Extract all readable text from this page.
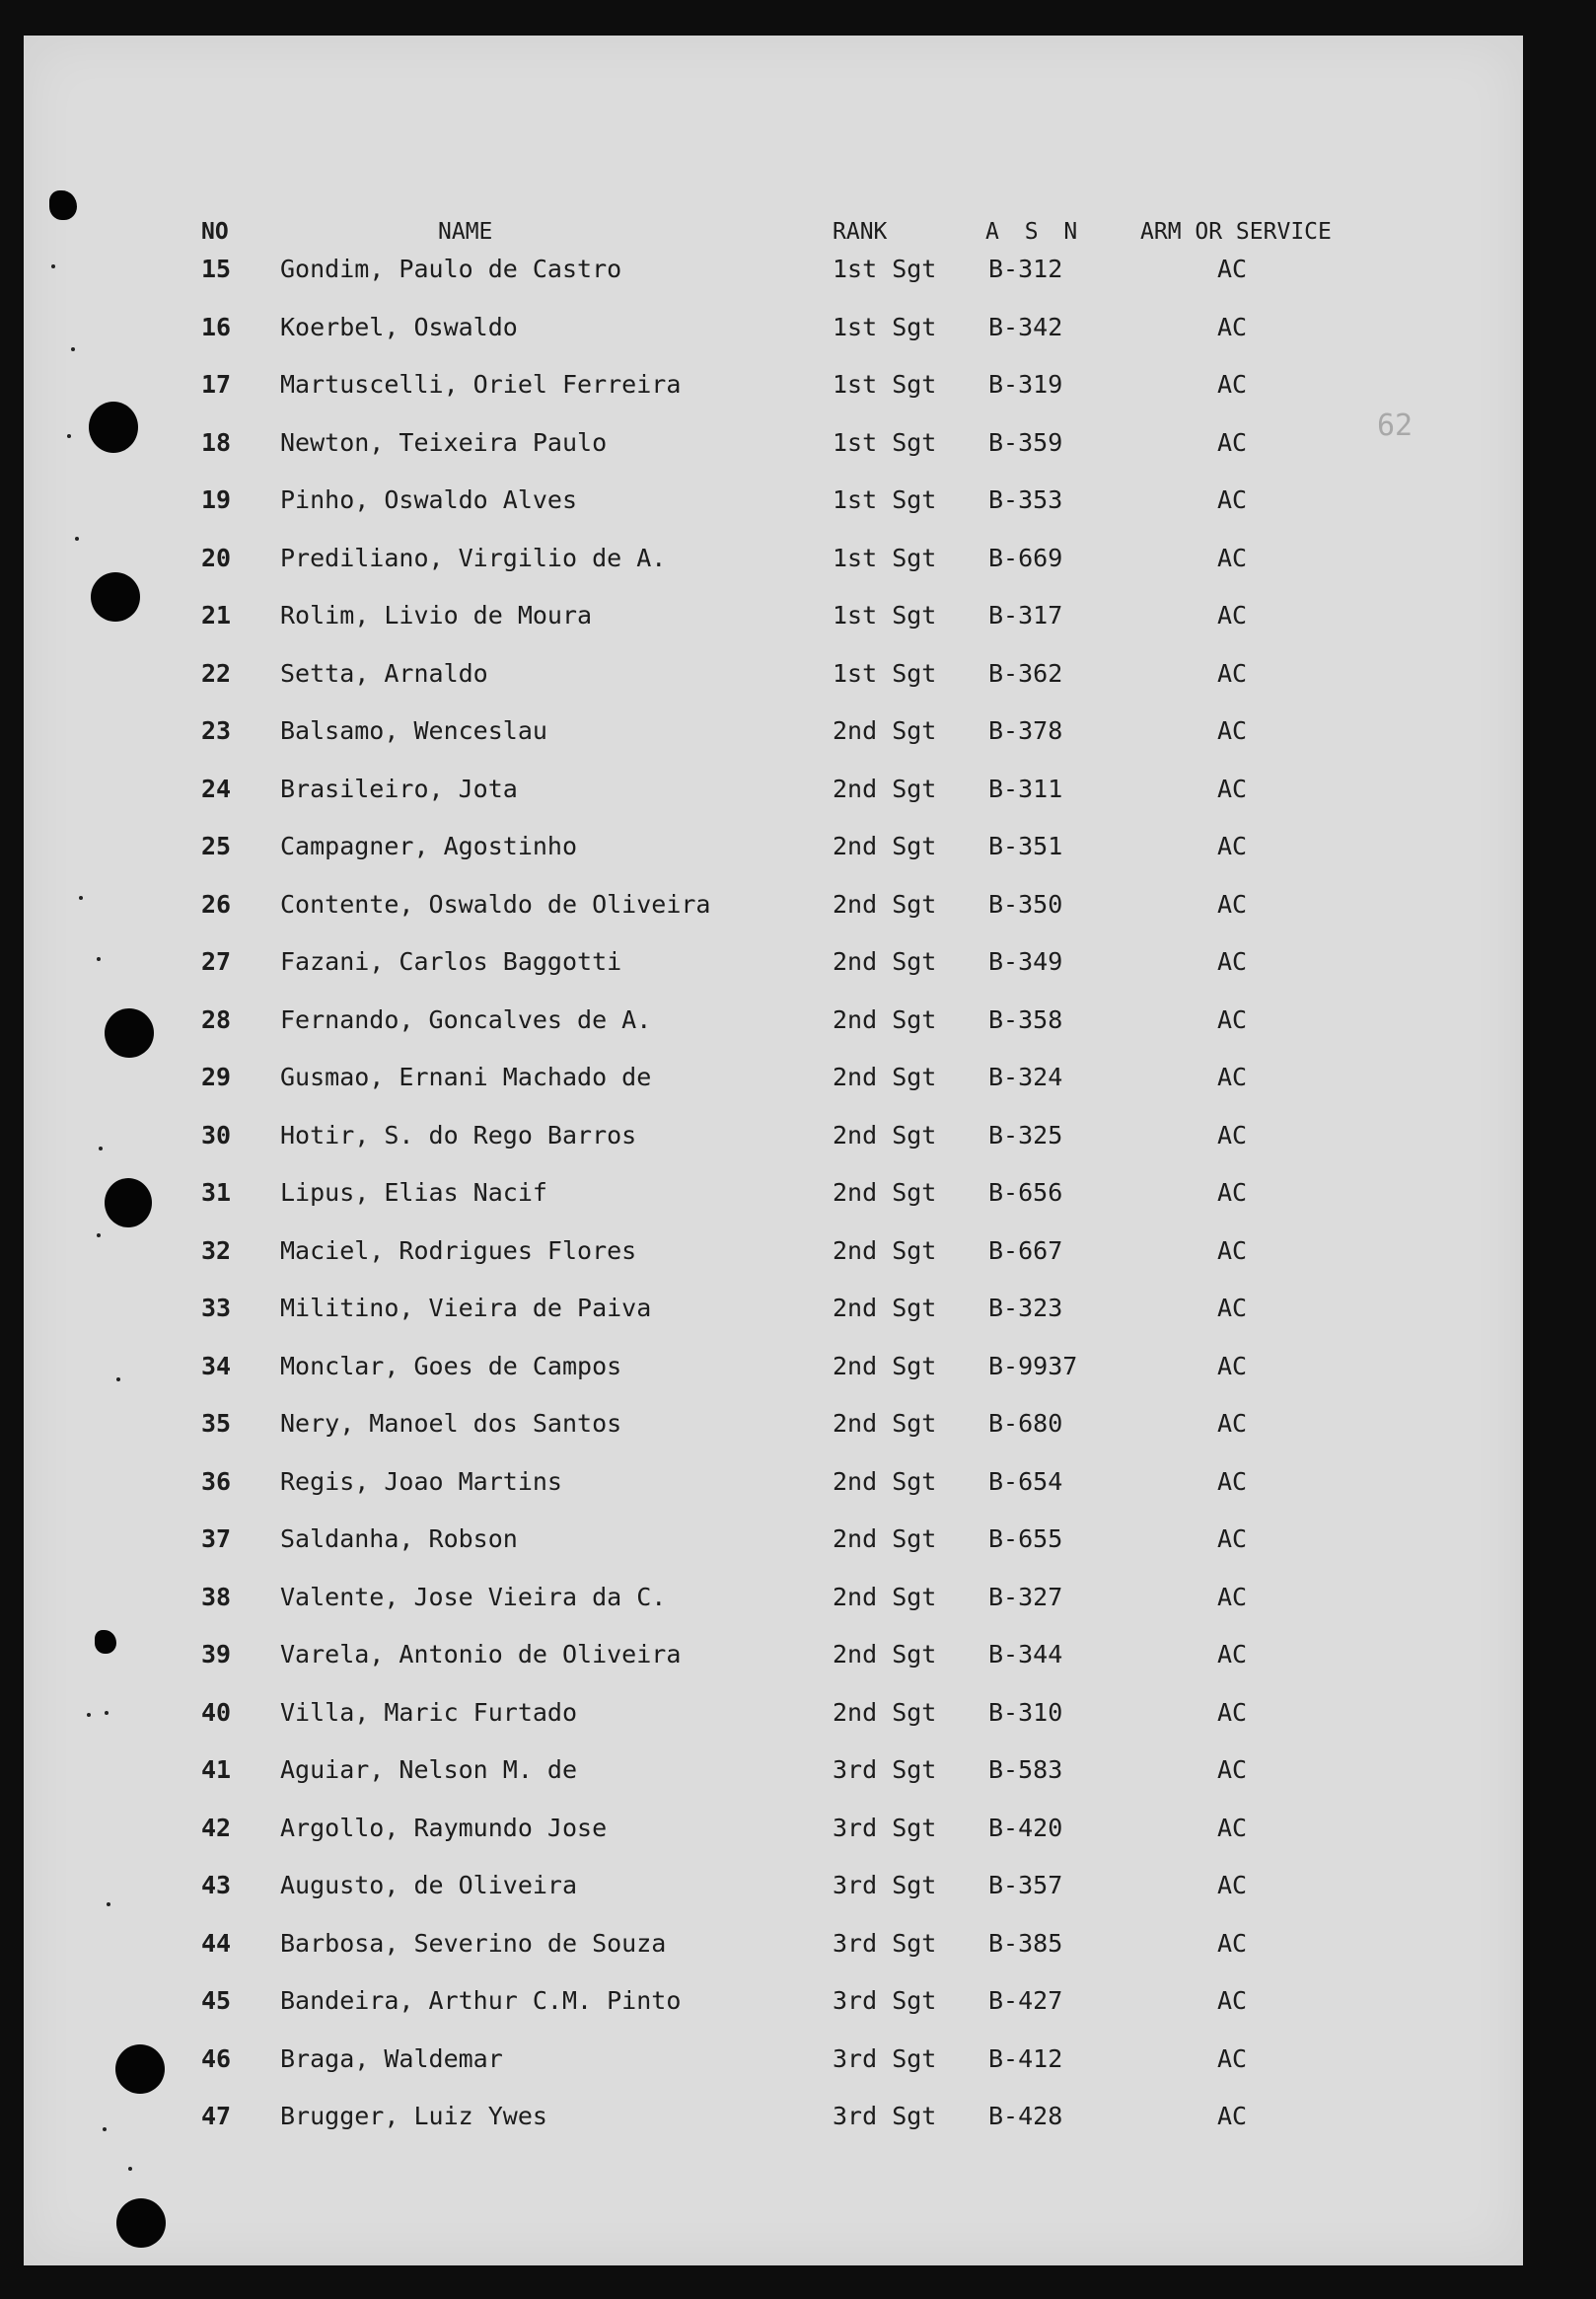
NO	NAME	RANK	A S N	ARM OR SERVICE
15 Gondim, Paulo de Castro	1st Sgt B-312	AC
16 Koerbel, Oswaldo	1st Sgt B-342	AC
17 Martuscelli, Oriel Ferreira	1st Sgt B-319	AC
18 Newton, Teixeira Paulo	1st Sgt B-359	AC
19 Pinho, Oswaldo Alves	1st Sgt B-353	AC
20 Prediliano, Virgilio de A.	1st Sgt B-669	AC
21 Rolim, Livio de Moura	1st Sgt B-317	AC
22 Setta, Arnaldo	1st Sgt B-362	AC
23 Balsamo, Wenceslau	2nd Sgt B-378	AC
24 Brasileiro, Jota	2nd Sgt B-311	AC
25 Campagner, Agostinho	2nd Sgt B-351	AC
26 Contente, Oswaldo de Oliveira	2nd Sgt B-350	AC
27 Fazani, Carlos Baggotti	2nd Sgt B-349	AC
28 Fernando, Goncalves de A.	2nd Sgt B-358	AC
29 Gusmao, Ernani Machado de	2nd Sgt B-324	AC
30 Hotir, S. do Rego Barros	2nd Sgt B-325	AC
31 Lipus, Elias Nacif	2nd Sgt B-656	AC
32 Maciel, Rodrigues Flores	2nd Sgt B-667	AC
33 Militino, Vieira de Paiva	2nd Sgt B-323	AC
34 Monclar, Goes de Campos	2nd Sgt B-9937	AC
35 Nery, Manoel dos Santos	2nd Sgt B-680	AC
36 Regis, Joao Martins	2nd Sgt B-654	AC
37 Saldanha, Robson	2nd Sgt B-655	AC
38 Valente, Jose Vieira da C.	2nd Sgt B-327	AC
39 Varela, Antonio de Oliveira	2nd Sgt B-344	AC
40 Villa, Maric Furtado	2nd Sgt B-310	AC
41 Aguiar, Nelson M. de	3rd Sgt B-583	AC
42 Argollo, Raymundo Jose	3rd Sgt B-420	AC
43 Augusto, de Oliveira	3rd Sgt B-357	AC
44 Barbosa, Severino de Souza	3rd Sgt B-385	AC
45 Bandeira, Arthur C.M. Pinto	3rd Sgt B-427	AC
46 Braga, Waldemar	3rd Sgt B-412	AC
47 Brugger, Luiz Ywes	3rd Sgt B-428	AC
62
